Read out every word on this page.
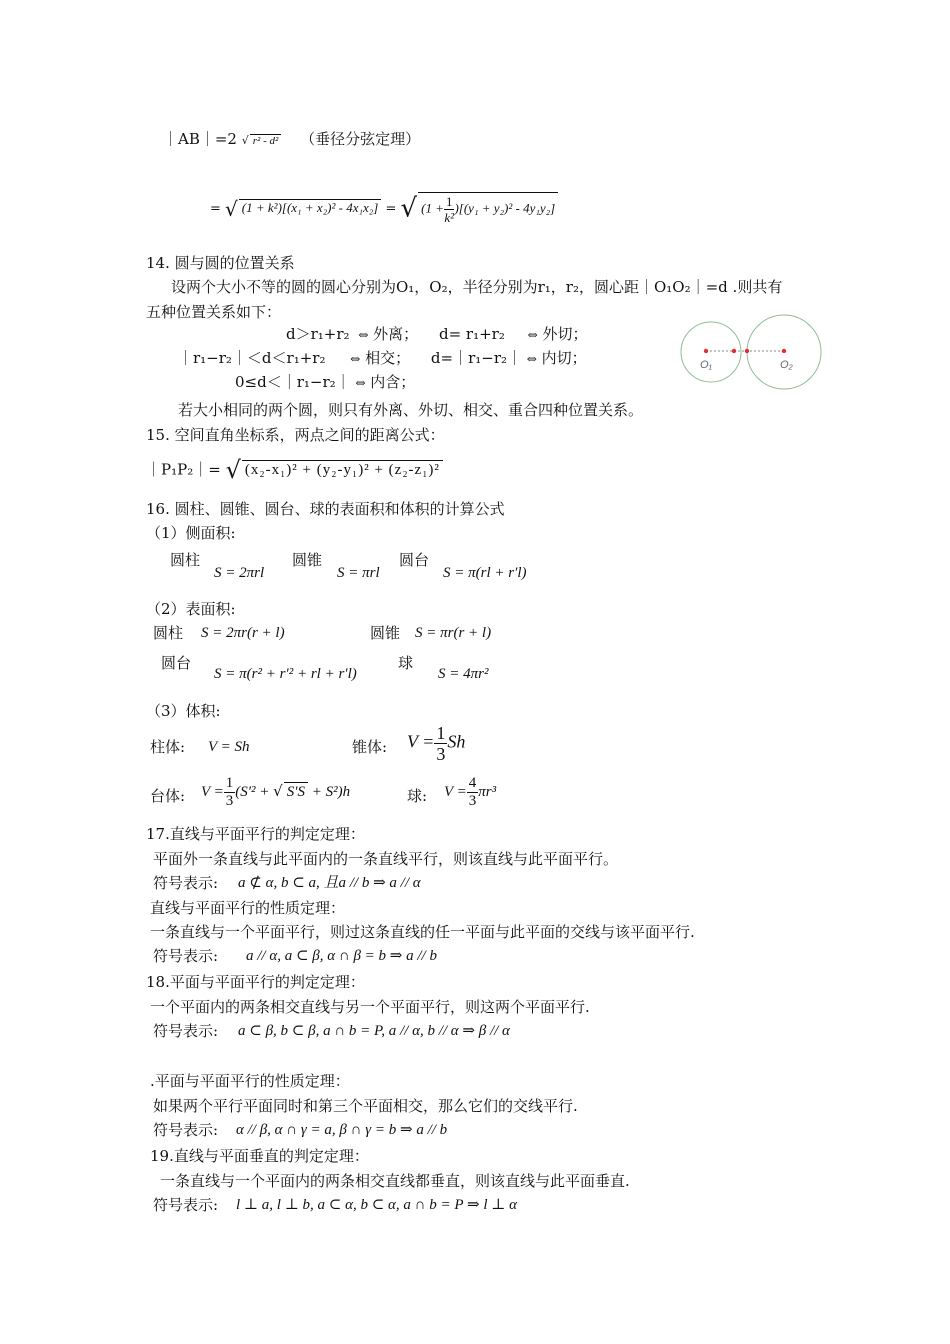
｜AB｜=2 √ r² - d² （垂径分弦定理）
= √ (1 + k²)[(x₁ + x₂)² - 4x₁x₂] = √ $(1 + \frac{1}{\text{k²}} )[(y_1 + y_2)^2 - 4y_1y_2]$
14. 圆与圆的位置关系
设两个大小不等的圆的圆心分别为O₁，O₂，半径分别为r₁，r₂，圆心距｜O₁O₂｜=d .则共有
五种位置关系如下：
d＞r₁+r₂ ⇔ 外离； d= r₁+r₂ ⇔ 外切；
｜r₁−r₂｜＜d＜r₁+r₂ ⇔ 相交； d=｜r₁−r₂｜ ⇔ 内切；
0≤d＜｜r₁−r₂｜ ⇔ 内含；
O₁	O₂
若大小相同的两个圆，则只有外离、外切、相交、重合四种位置关系。
15. 空间直角坐标系，两点之间的距离公式：
｜P₁P₂｜= √ (x₂-x₁)² + (y₂-y₁)² + (z₂-z₁)²
16. 圆柱、圆锥、圆台、球的表面积和体积的计算公式
（1）侧面积:
圆柱
S = 2πrl
圆锥
S = πrl
圆台
S = π(rl + r′l)
（2）表面积:
圆柱 S = 2πr(r + l)	圆锥 S = πr(r + l)
圆台
S = π(r² + r′² + rl + r′l)
球
S = 4πr²
（3）体积:
柱体: V = Sh	锥体: $V = \frac{1}{3}$ Sh
台体: $V = \frac{1}{3} (S'^2$ + √ S′S + S²)h	球: $V = \frac{4}{3} \pi r^3$
17.直线与平面平行的判定定理：
平面外一条直线与此平面内的一条直线平行，则该直线与此平面平行。
符号表示: a ⊄ α, b ⊂ a, 且a // b ⇒ a // α
直线与平面平行的性质定理：
一条直线与一个平面平行，则过这条直线的任一平面与此平面的交线与该平面平行.
符号表示: a // α, a ⊂ β, α ∩ β = b ⇒ a // b
18.平面与平面平行的判定定理：
一个平面内的两条相交直线与另一个平面平行，则这两个平面平行.
符号表示: a ⊂ β, b ⊂ β, a ∩ b = P, a // α, b // α ⇒ β // α
.平面与平面平行的性质定理：
如果两个平行平面同时和第三个平面相交，那么它们的交线平行.
符号表示: α // β, α ∩ γ = a, β ∩ γ = b ⇒ a // b
19.直线与平面垂直的判定定理：
一条直线与一个平面内的两条相交直线都垂直，则该直线与此平面垂直.
符号表示: l ⊥ a, l ⊥ b, a ⊂ α, b ⊂ α, a ∩ b = P ⇒ l ⊥ α
